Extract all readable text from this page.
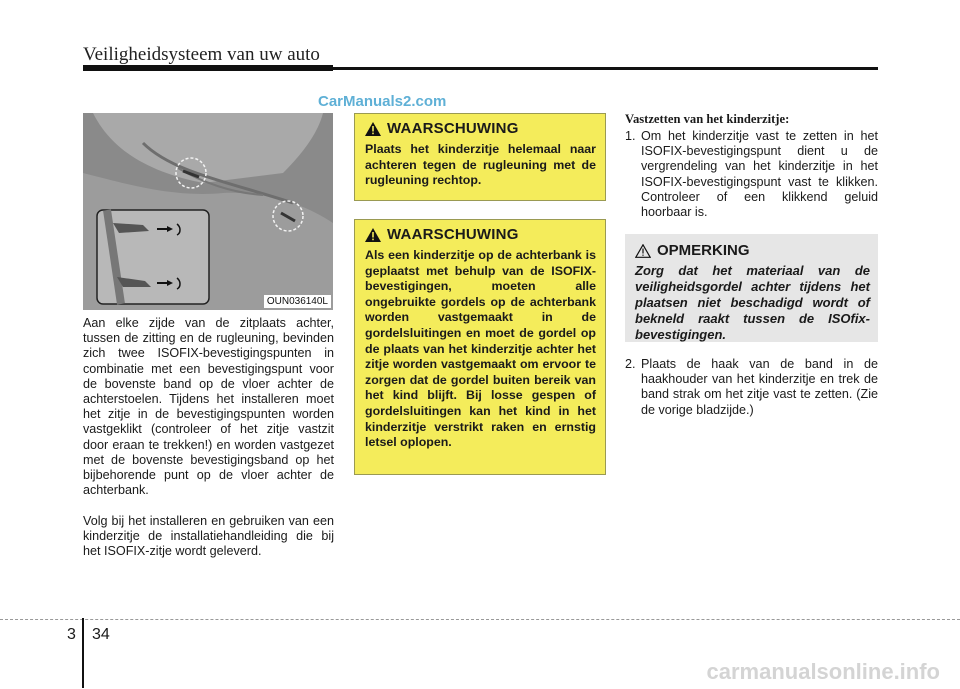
Veiligheidsysteem van uw auto
CarManuals2.com
OUN036140L
Aan elke zijde van de zitplaats achter, tussen de zitting en de rugleuning, bevinden zich twee ISOFIX-bevestigingspunten in combinatie met een bevestigingspunt voor de bovenste band op de vloer achter de achterstoelen. Tijdens het installeren moet het zitje in de bevestigingspunten worden vastgeklikt (controleer of het zitje vastzit door eraan te trekken!) en worden vastgezet met de bovenste bevestigingsband op het bijbehorende punt op de vloer achter de achterbank.
Volg bij het installeren en gebruiken van een kinderzitje de installatiehandleiding die bij het ISOFIX-zitje wordt geleverd.
WAARSCHUWING
Plaats het kinderzitje helemaal naar achteren tegen de rugleuning met de rugleuning rechtop.
WAARSCHUWING
Als een kinderzitje op de achterbank is geplaatst met behulp van de ISOFIX-bevestigingen, moeten alle ongebruikte gordels op de achterbank worden vastgemaakt in de gordelsluitingen en moet de gordel op de plaats van het kinderzitje achter het zitje worden vastgemaakt om ervoor te zorgen dat de gordel buiten bereik van het kind blijft. Bij losse gespen of gordelsluitingen kan het kind in het kinderzitje verstrikt raken en ernstig letsel oplopen.
Vastzetten van het kinderzitje:
1. Om het kinderzitje vast te zetten in het ISOFIX-bevestigingspunt dient u de vergrendeling van het kinderzitje in het ISOFIX-bevestigingspunt vast te klikken. Controleer of een klikkend geluid hoorbaar is.
OPMERKING
Zorg dat het materiaal van de veiligheidsgordel achter tijdens het plaatsen niet beschadigd wordt of bekneld raakt tussen de ISOfix-bevestigingen.
2. Plaats de haak van de band in de haakhouder van het kinderzitje en trek de band strak om het zitje vast te zetten. (Zie de vorige bladzijde.)
3 34
carmanualsonline.info
